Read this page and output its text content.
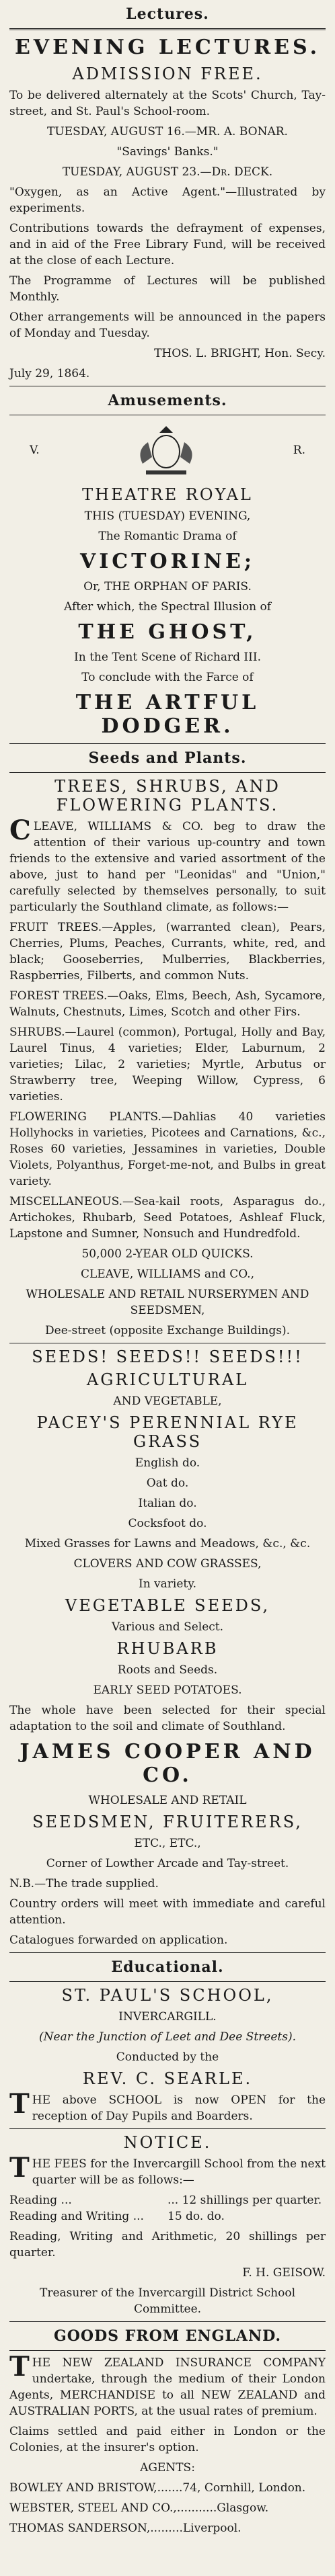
Lectures.
EVENING LECTURES.
ADMISSION FREE.
To be delivered alternately at the Scots' Church, Tay-street, and St. Paul's School-room.
TUESDAY, AUGUST 16.—MR. A. BONAR.
"Savings' Banks."
TUESDAY, AUGUST 23.—Dr. DECK.
"Oxygen, as an Active Agent."—Illustrated by experiments.
Contributions towards the defrayment of expenses, and in aid of the Free Library Fund, will be received at the close of each Lecture.
The Programme of Lectures will be published Monthly.
Other arrangements will be announced in the papers of Monday and Tuesday.
THOS. L. BRIGHT, Hon. Secy.
July 29, 1864.
Amusements.
V.	R.
THEATRE ROYAL
THIS (TUESDAY) EVENING,
The Romantic Drama of
VICTORINE;
Or, THE ORPHAN OF PARIS.
After which, the Spectral Illusion of
THE GHOST,
In the Tent Scene of Richard III.
To conclude with the Farce of
THE ARTFUL DODGER.
Seeds and Plants.
TREES, SHRUBS, AND FLOWERING PLANTS.
CLEAVE, WILLIAMS & CO. beg to draw the attention of their various up-country and town friends to the extensive and varied assortment of the above, just to hand per "Leonidas" and "Union," carefully selected by themselves personally, to suit particularly the Southland climate, as follows:—
FRUIT TREES.—Apples, (warranted clean), Pears, Cherries, Plums, Peaches, Currants, white, red, and black; Gooseberries, Mulberries, Blackberries, Raspberries, Filberts, and common Nuts.
FOREST TREES.—Oaks, Elms, Beech, Ash, Sycamore, Walnuts, Chestnuts, Limes, Scotch and other Firs.
SHRUBS.—Laurel (common), Portugal, Holly and Bay, Laurel Tinus, 4 varieties; Elder, Laburnum, 2 varieties; Lilac, 2 varieties; Myrtle, Arbutus or Strawberry tree, Weeping Willow, Cypress, 6 varieties.
FLOWERING PLANTS.—Dahlias 40 varieties Hollyhocks in varieties, Picotees and Carnations, &c., Roses 60 varieties, Jessamines in varieties, Double Violets, Polyanthus, Forget-me-not, and Bulbs in great variety.
MISCELLANEOUS.—Sea-kail roots, Asparagus do., Artichokes, Rhubarb, Seed Potatoes, Ashleaf Fluck, Lapstone and Sumner, Nonsuch and Hundredfold.
50,000 2-YEAR OLD QUICKS.
CLEAVE, WILLIAMS and CO.,
WHOLESALE AND RETAIL NURSERYMEN AND SEEDSMEN,
Dee-street (opposite Exchange Buildings).
SEEDS! SEEDS!! SEEDS!!!
AGRICULTURAL
AND VEGETABLE,
PACEY'S PERENNIAL RYE GRASS
English do.
Oat do.
Italian do.
Cocksfoot do.
Mixed Grasses for Lawns and Meadows, &c., &c.
CLOVERS AND COW GRASSES,
In variety.
VEGETABLE SEEDS,
Various and Select.
RHUBARB
Roots and Seeds.
EARLY SEED POTATOES.
The whole have been selected for their special adaptation to the soil and climate of Southland.
JAMES COOPER AND CO.
WHOLESALE AND RETAIL
SEEDSMEN, FRUITERERS,
ETC., ETC.,
Corner of Lowther Arcade and Tay-street.
N.B.—The trade supplied.
Country orders will meet with immediate and careful attention.
Catalogues forwarded on application.
Educational.
ST. PAUL'S SCHOOL,
INVERCARGILL.
(Near the Junction of Leet and Dee Streets).
Conducted by the
REV. C. SEARLE.
THE above SCHOOL is now OPEN for the reception of Day Pupils and Boarders.
NOTICE.
THE FEES for the Invercargill School from the next quarter will be as follows:—
Reading ...	... 12 shillings per quarter.
Reading and Writing ...	15 do. do.
Reading, Writing and Arithmetic, 20 shillings per quarter.
F. H. GEISOW.
Treasurer of the Invercargill District School Committee.
GOODS FROM ENGLAND.
THE NEW ZEALAND INSURANCE COMPANY undertake, through the medium of their London Agents, MERCHANDISE to all NEW ZEALAND and AUSTRALIAN PORTS, at the usual rates of premium.
Claims settled and paid either in London or the Colonies, at the insurer's option.
AGENTS:
BOWLEY AND BRISTOW,.......74, Cornhill, London.
WEBSTER, STEEL AND CO.,...........Glasgow.
THOMAS SANDERSON,.........Liverpool.
